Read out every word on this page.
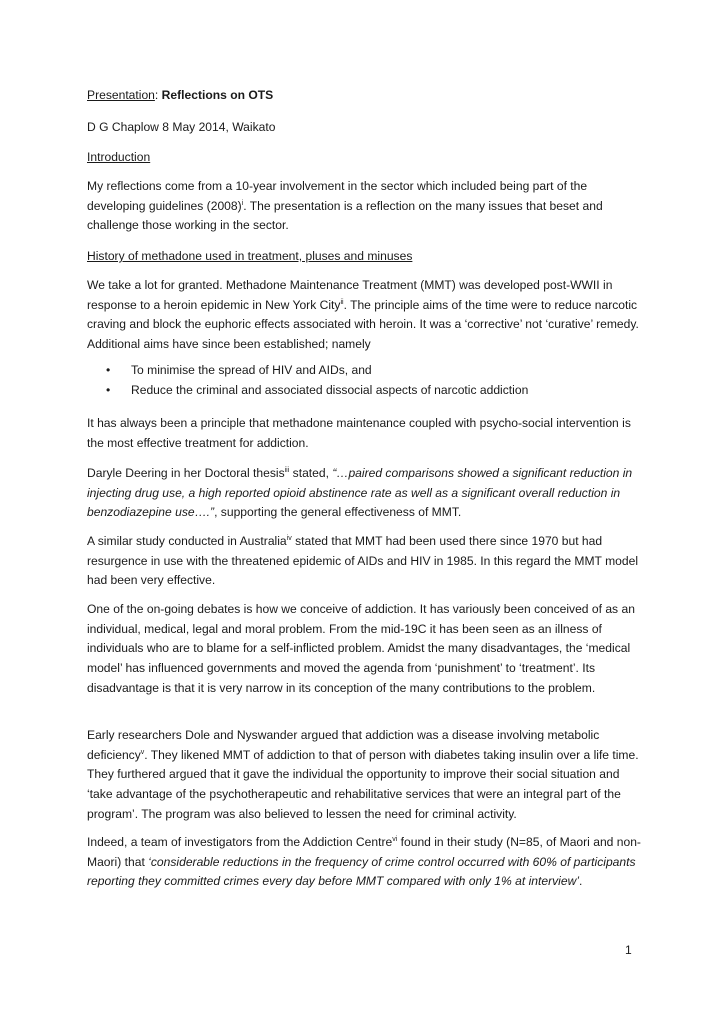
Presentation: Reflections on OTS

D G Chaplow 8 May 2014, Waikato

Introduction

My reflections come from a 10-year involvement in the sector which included being part of the developing guidelines $(2008)^i$. The presentation is a reflection on the many issues that beset and challenge those working in the sector.

History of methadone used in treatment, pluses and minuses

We take a lot for granted. Methadone Maintenance Treatment (MMT) was developed post-WWII in response to a heroin epidemic in New York City$^{ii}$. The principle aims of the time were to reduce narcotic craving and block the euphoric effects associated with heroin. It was a ‘corrective’ not ‘curative’ remedy. Additional aims have since been established; namely

• To minimise the spread of HIV and AIDs, and
• Reduce the criminal and associated dissocial aspects of narcotic addiction

It has always been a principle that methadone maintenance coupled with psycho-social intervention is the most effective treatment for addiction.

Daryle Deering in her Doctoral thesis$^{iii}$ stated, “…paired comparisons showed a significant reduction in injecting drug use, a high reported opioid abstinence rate as well as a significant overall reduction in benzodiazepine use….”, supporting the general effectiveness of MMT.

A similar study conducted in Australia$^{iv}$ stated that MMT had been used there since 1970 but had resurgence in use with the threatened epidemic of AIDs and HIV in 1985. In this regard the MMT model had been very effective.

One of the on-going debates is how we conceive of addiction. It has variously been conceived of as an individual, medical, legal and moral problem. From the mid-19C it has been seen as an illness of individuals who are to blame for a self-inflicted problem. Amidst the many disadvantages, the ‘medical model’ has influenced governments and moved the agenda from ‘punishment’ to ‘treatment’. Its disadvantage is that it is very narrow in its conception of the many contributions to the problem.

Early researchers Dole and Nyswander argued that addiction was a disease involving metabolic deficiency$^v$. They likened MMT of addiction to that of person with diabetes taking insulin over a life time. They furthered argued that it gave the individual the opportunity to improve their social situation and ‘take advantage of the psychotherapeutic and rehabilitative services that were an integral part of the program’. The program was also believed to lessen the need for criminal activity.

Indeed, a team of investigators from the Addiction Centre$^{vi}$ found in their study (N=85, of Maori and non-Maori) that ‘considerable reductions in the frequency of crime control occurred with 60% of participants reporting they committed crimes every day before MMT compared with only 1% at interview’.

1
